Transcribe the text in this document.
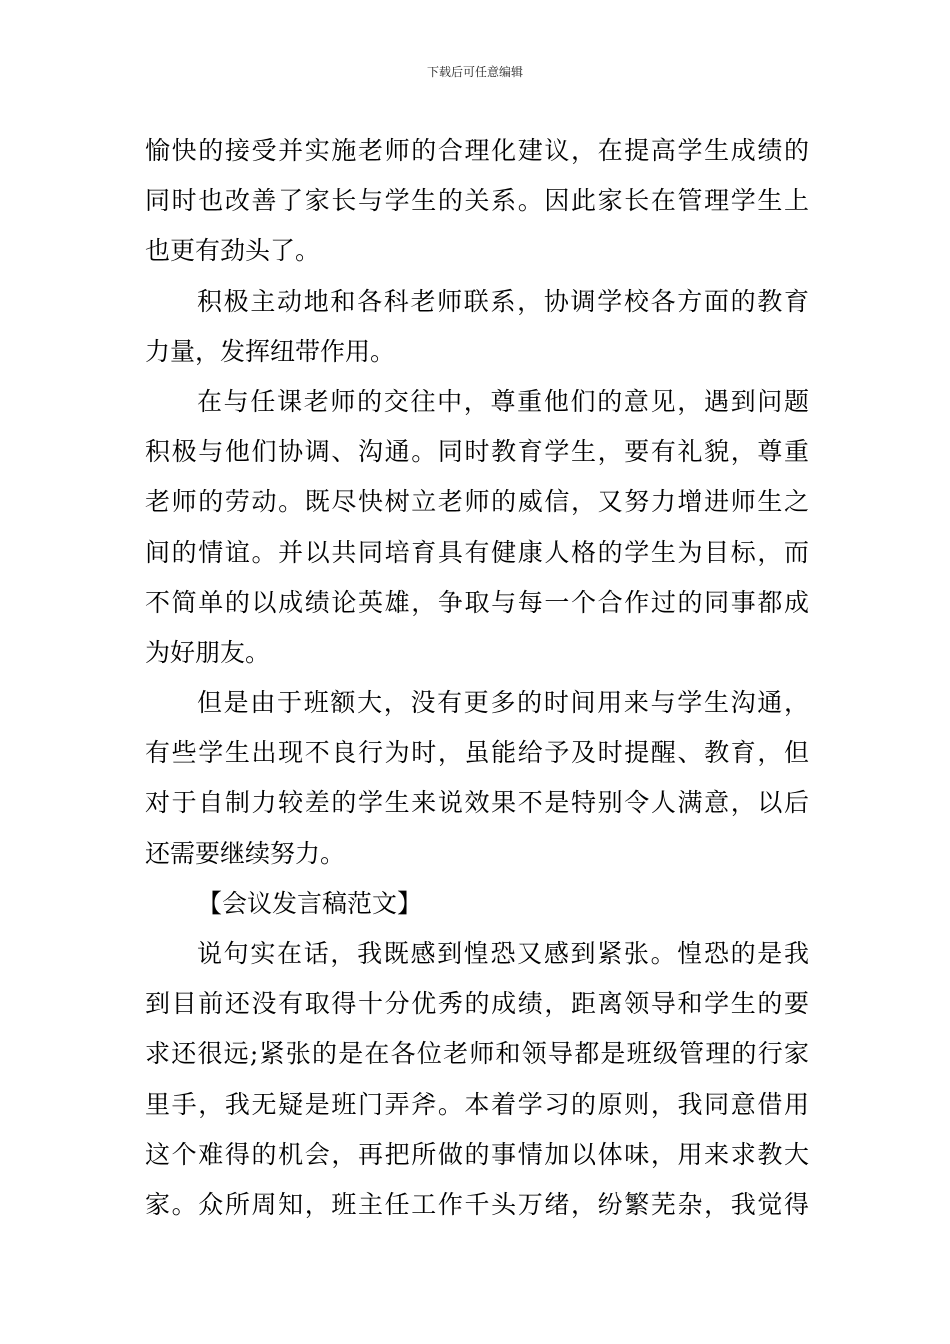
下载后可任意编辑
愉快的接受并实施老师的合理化建议，在提高学生成绩的
同时也改善了家长与学生的关系。因此家长在管理学生上
也更有劲头了。
积极主动地和各科老师联系，协调学校各方面的教育
力量，发挥纽带作用。
在与任课老师的交往中，尊重他们的意见，遇到问题
积极与他们协调、沟通。同时教育学生，要有礼貌，尊重
老师的劳动。既尽快树立老师的威信，又努力增进师生之
间的情谊。并以共同培育具有健康人格的学生为目标，而
不简单的以成绩论英雄，争取与每一个合作过的同事都成
为好朋友。
但是由于班额大，没有更多的时间用来与学生沟通，
有些学生出现不良行为时，虽能给予及时提醒、教育，但
对于自制力较差的学生来说效果不是特别令人满意，以后
还需要继续努力。
【会议发言稿范文】
说句实在话，我既感到惶恐又感到紧张。惶恐的是我
到目前还没有取得十分优秀的成绩，距离领导和学生的要
求还很远;紧张的是在各位老师和领导都是班级管理的行家
里手，我无疑是班门弄斧。本着学习的原则，我同意借用
这个难得的机会，再把所做的事情加以体味，用来求教大
家。众所周知，班主任工作千头万绪，纷繁芜杂，我觉得
